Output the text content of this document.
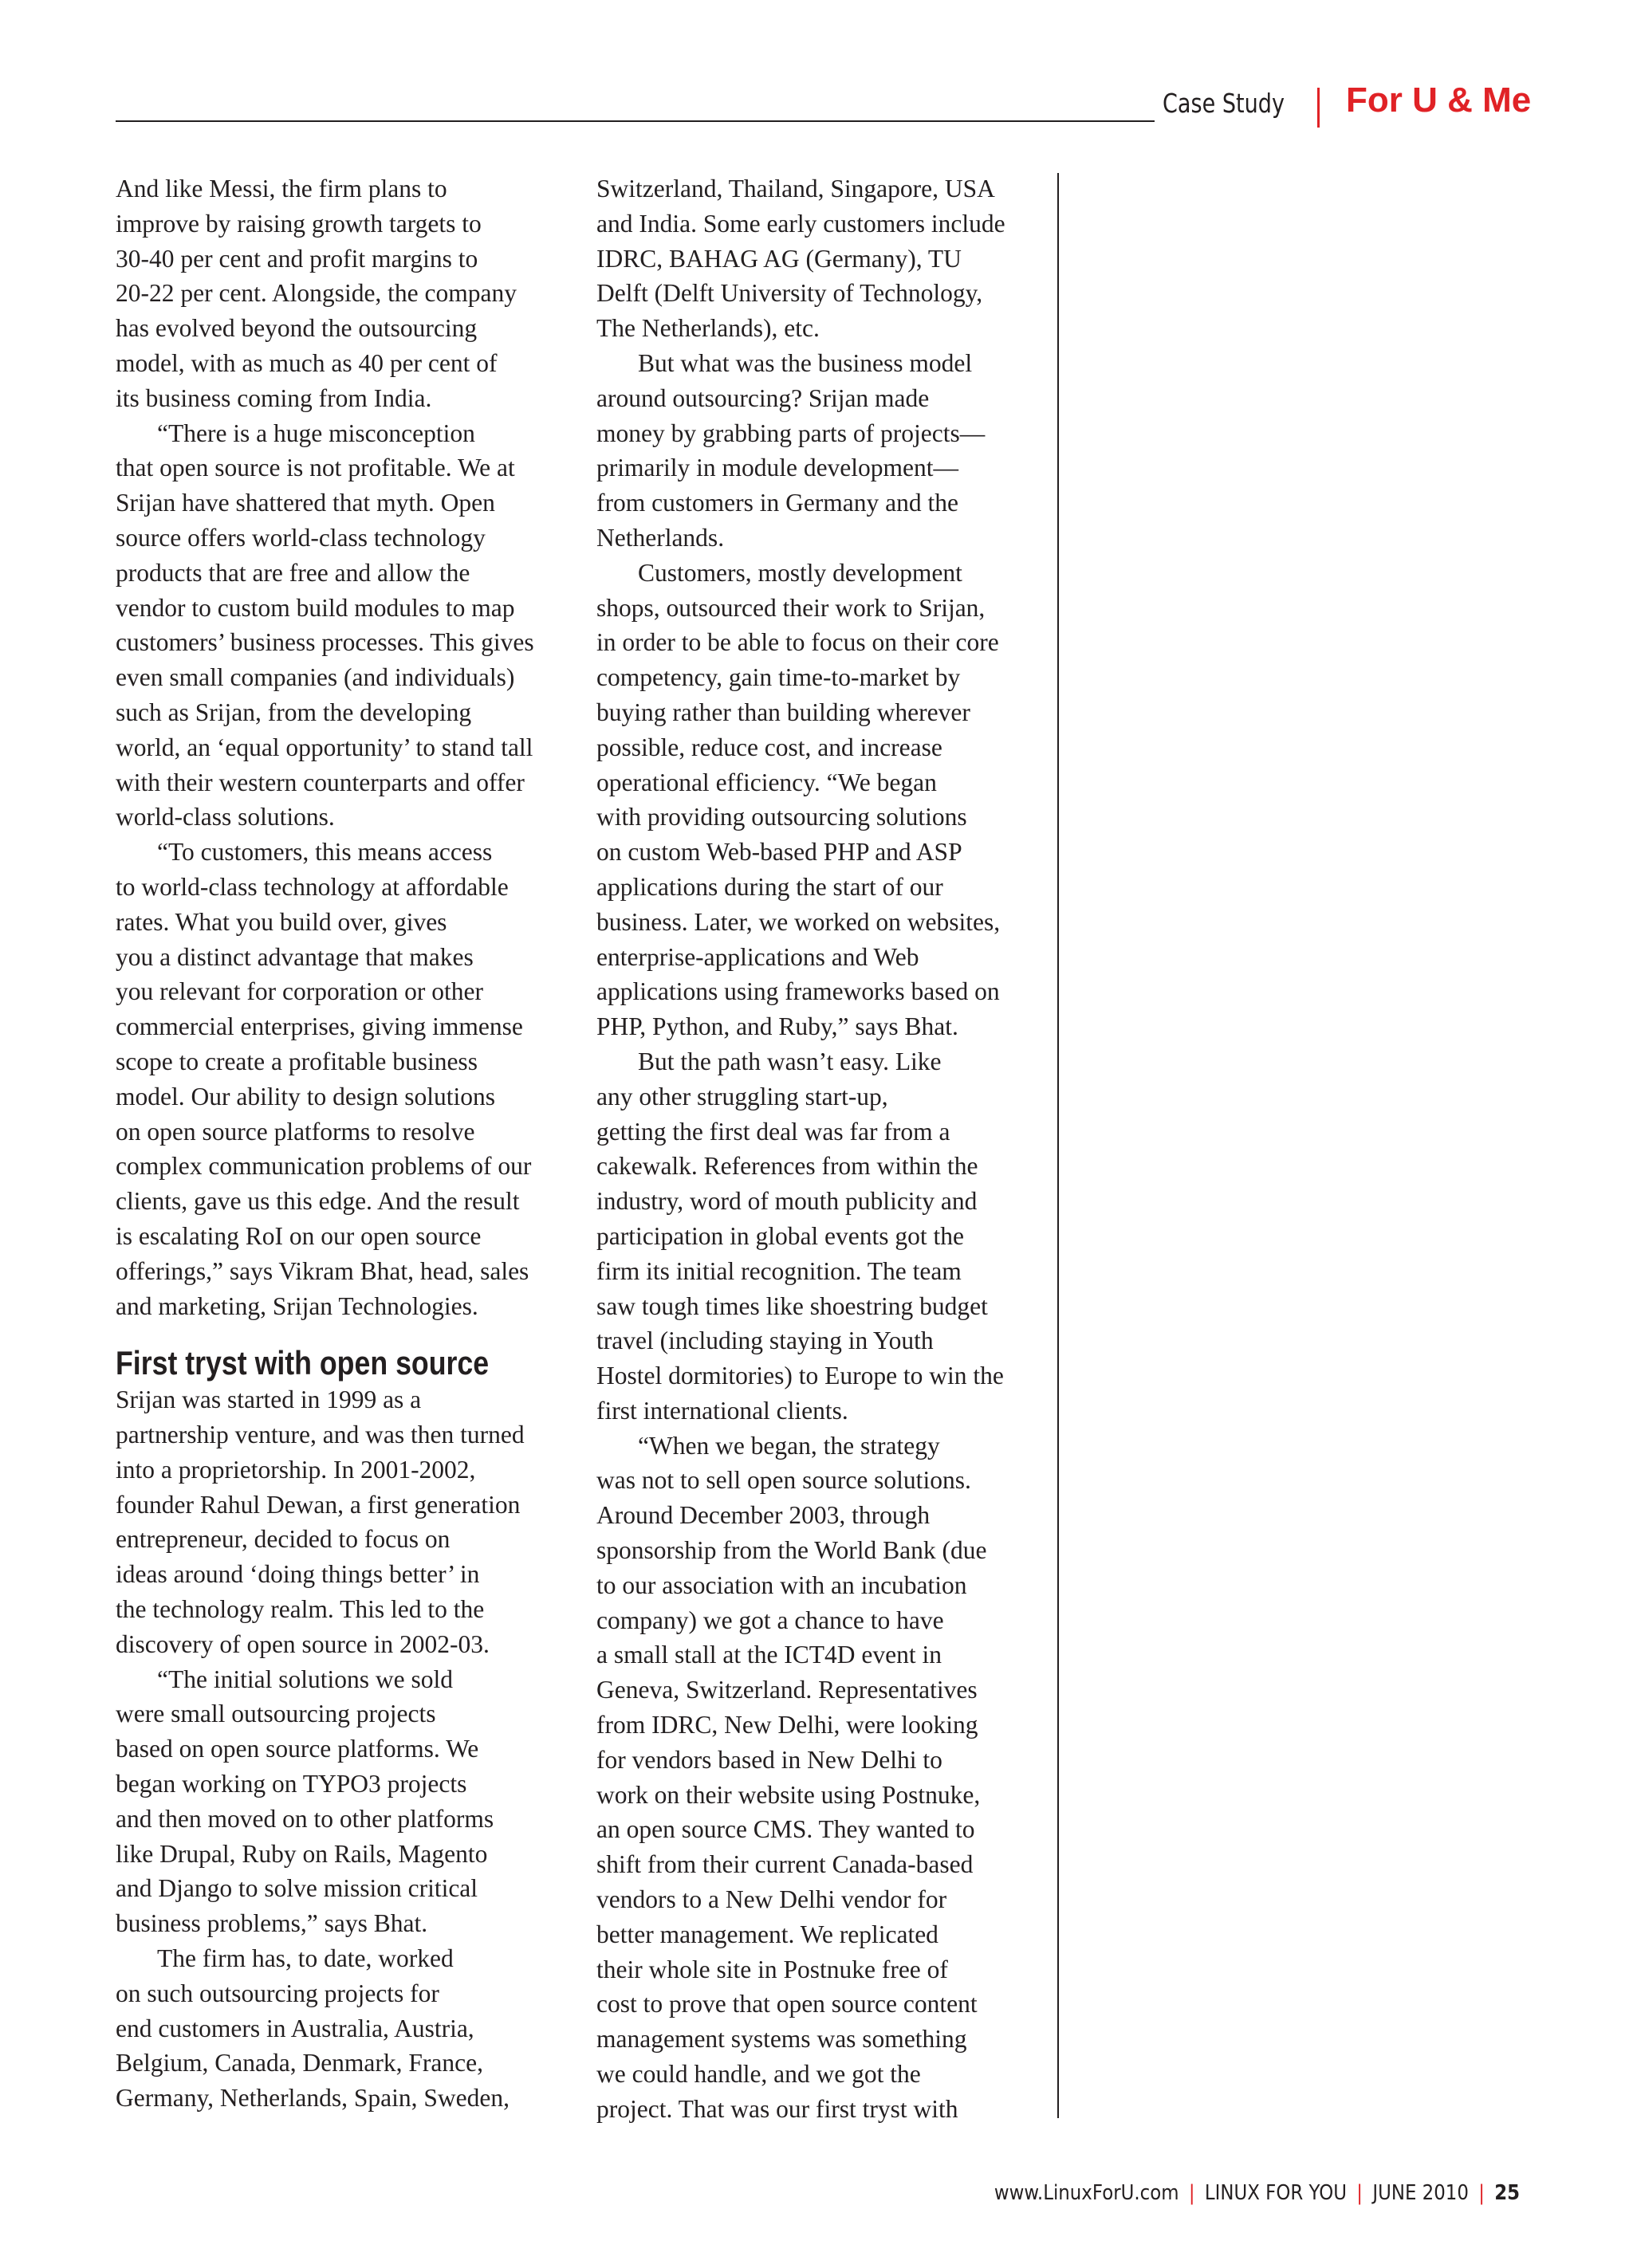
Case Study For U & Me
And like Messi, the firm plans to
improve by raising growth targets to
30-40 per cent and profit margins to
20-22 per cent. Alongside, the company
has evolved beyond the outsourcing
model, with as much as 40 per cent of
its business coming from India.
“There is a huge misconception
that open source is not profitable. We at
Srijan have shattered that myth. Open
source offers world-class technology
products that are free and allow the
vendor to custom build modules to map
customers’ business processes. This gives
even small companies (and individuals)
such as Srijan, from the developing
world, an ‘equal opportunity’ to stand tall
with their western counterparts and offer
world-class solutions.
“To customers, this means access
to world-class technology at affordable
rates. What you build over, gives
you a distinct advantage that makes
you relevant for corporation or other
commercial enterprises, giving immense
scope to create a profitable business
model. Our ability to design solutions
on open source platforms to resolve
complex communication problems of our
clients, gave us this edge. And the result
is escalating RoI on our open source
offerings,” says Vikram Bhat, head, sales
and marketing, Srijan Technologies.
First tryst with open source
Srijan was started in 1999 as a
partnership venture, and was then turned
into a proprietorship. In 2001-2002,
founder Rahul Dewan, a first generation
entrepreneur, decided to focus on
ideas around ‘doing things better’ in
the technology realm. This led to the
discovery of open source in 2002-03.
“The initial solutions we sold
were small outsourcing projects
based on open source platforms. We
began working on TYPO3 projects
and then moved on to other platforms
like Drupal, Ruby on Rails, Magento
and Django to solve mission critical
business problems,” says Bhat.
The firm has, to date, worked
on such outsourcing projects for
end customers in Australia, Austria,
Belgium, Canada, Denmark, France,
Germany, Netherlands, Spain, Sweden,
Switzerland, Thailand, Singapore, USA
and India. Some early customers include
IDRC, BAHAG AG (Germany), TU
Delft (Delft University of Technology,
The Netherlands), etc.
But what was the business model
around outsourcing? Srijan made
money by grabbing parts of projects—
primarily in module development—
from customers in Germany and the
Netherlands.
Customers, mostly development
shops, outsourced their work to Srijan,
in order to be able to focus on their core
competency, gain time-to-market by
buying rather than building wherever
possible, reduce cost, and increase
operational efficiency. “We began
with providing outsourcing solutions
on custom Web-based PHP and ASP
applications during the start of our
business. Later, we worked on websites,
enterprise-applications and Web
applications using frameworks based on
PHP, Python, and Ruby,” says Bhat.
But the path wasn’t easy. Like
any other struggling start-up,
getting the first deal was far from a
cakewalk. References from within the
industry, word of mouth publicity and
participation in global events got the
firm its initial recognition. The team
saw tough times like shoestring budget
travel (including staying in Youth
Hostel dormitories) to Europe to win the
first international clients.
“When we began, the strategy
was not to sell open source solutions.
Around December 2003, through
sponsorship from the World Bank (due
to our association with an incubation
company) we got a chance to have
a small stall at the ICT4D event in
Geneva, Switzerland. Representatives
from IDRC, New Delhi, were looking
for vendors based in New Delhi to
work on their website using Postnuke,
an open source CMS. They wanted to
shift from their current Canada-based
vendors to a New Delhi vendor for
better management. We replicated
their whole site in Postnuke free of
cost to prove that open source content
management systems was something
we could handle, and we got the
project. That was our first tryst with
www.LinuxForU.com | LINUX FOR YOU | JUNE 2010 | 25
